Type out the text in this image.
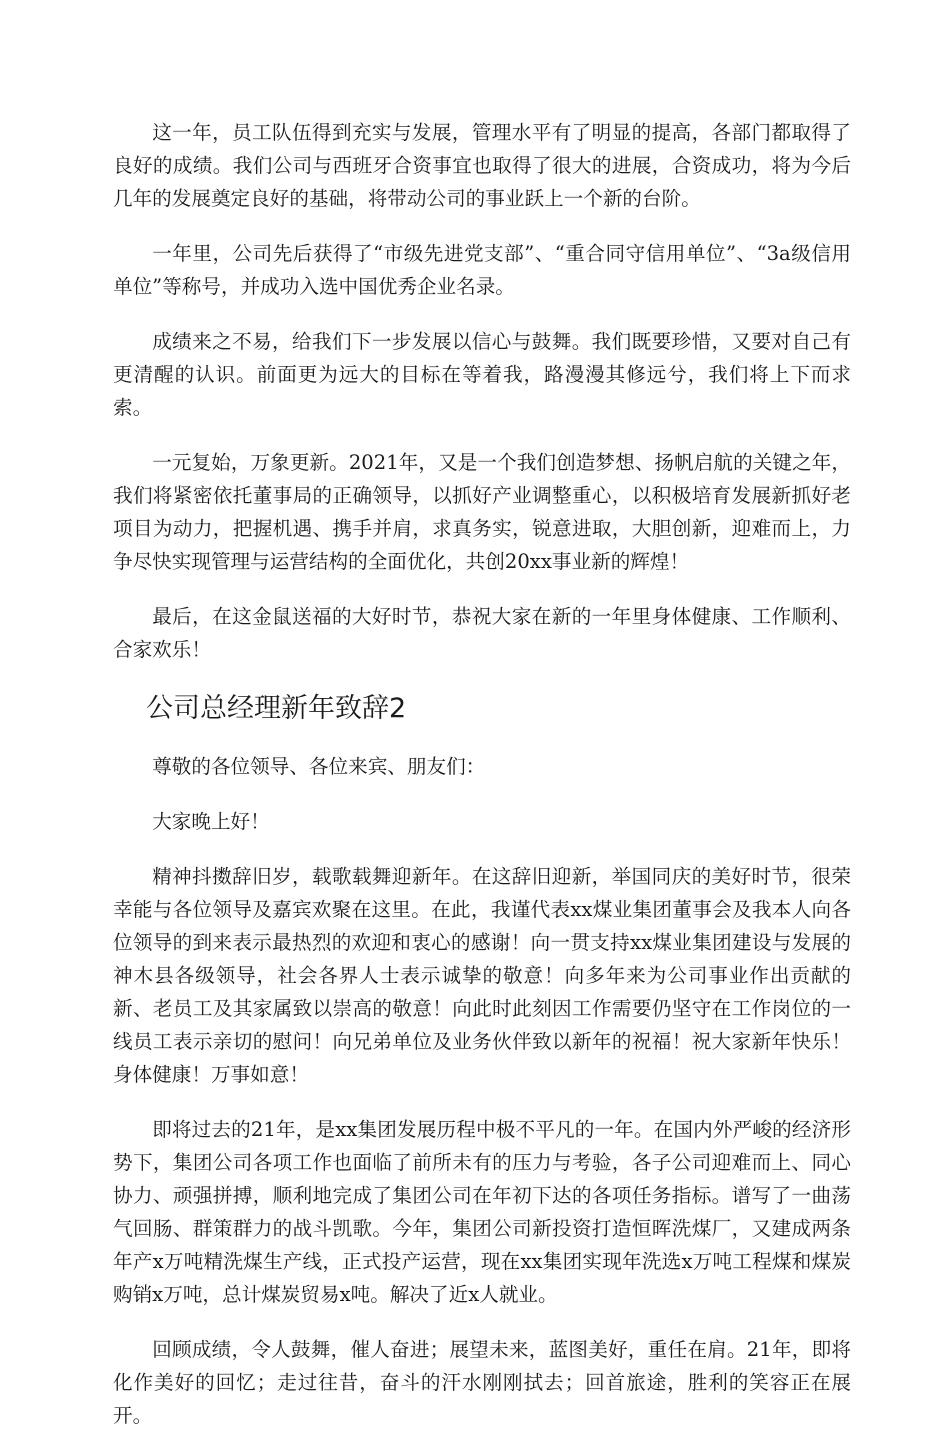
这一年，员工队伍得到充实与发展，管理水平有了明显的提高，各部门都取得了良好的成绩。我们公司与西班牙合资事宜也取得了很大的进展，合资成功，将为今后几年的发展奠定良好的基础，将带动公司的事业跃上一个新的台阶。

一年里，公司先后获得了“市级先进党支部”、“重合同守信用单位”、“3a级信用单位”等称号，并成功入选中国优秀企业名录。

成绩来之不易，给我们下一步发展以信心与鼓舞。我们既要珍惜，又要对自己有更清醒的认识。前面更为远大的目标在等着我，路漫漫其修远兮，我们将上下而求索。

一元复始，万象更新。2021年，又是一个我们创造梦想、扬帆启航的关键之年，我们将紧密依托董事局的正确领导，以抓好产业调整重心，以积极培育发展新抓好老项目为动力，把握机遇、携手并肩，求真务实，锐意进取，大胆创新，迎难而上，力争尽快实现管理与运营结构的全面优化，共创20xx事业新的辉煌！

最后，在这金鼠送福的大好时节，恭祝大家在新的一年里身体健康、工作顺利、合家欢乐！

公司总经理新年致辞2

尊敬的各位领导、各位来宾、朋友们：

大家晚上好！

精神抖擞辞旧岁，载歌载舞迎新年。在这辞旧迎新，举国同庆的美好时节，很荣幸能与各位领导及嘉宾欢聚在这里。在此，我谨代表xx煤业集团董事会及我本人向各位领导的到来表示最热烈的欢迎和衷心的感谢！向一贯支持xx煤业集团建设与发展的神木县各级领导，社会各界人士表示诚挚的敬意！向多年来为公司事业作出贡献的新、老员工及其家属致以崇高的敬意！向此时此刻因工作需要仍坚守在工作岗位的一线员工表示亲切的慰问！向兄弟单位及业务伙伴致以新年的祝福！祝大家新年快乐！身体健康！万事如意！

即将过去的21年，是xx集团发展历程中极不平凡的一年。在国内外严峻的经济形势下，集团公司各项工作也面临了前所未有的压力与考验，各子公司迎难而上、同心协力、顽强拼搏，顺利地完成了集团公司在年初下达的各项任务指标。谱写了一曲荡气回肠、群策群力的战斗凯歌。今年，集团公司新投资打造恒晖洗煤厂，又建成两条年产x万吨精洗煤生产线，正式投产运营，现在xx集团实现年洗选x万吨工程煤和煤炭购销x万吨，总计煤炭贸易x吨。解决了近x人就业。

回顾成绩，令人鼓舞，催人奋进；展望未来，蓝图美好，重任在肩。21年，即将化作美好的回忆；走过往昔，奋斗的汗水刚刚拭去；回首旅途，胜利的笑容正在展开。
